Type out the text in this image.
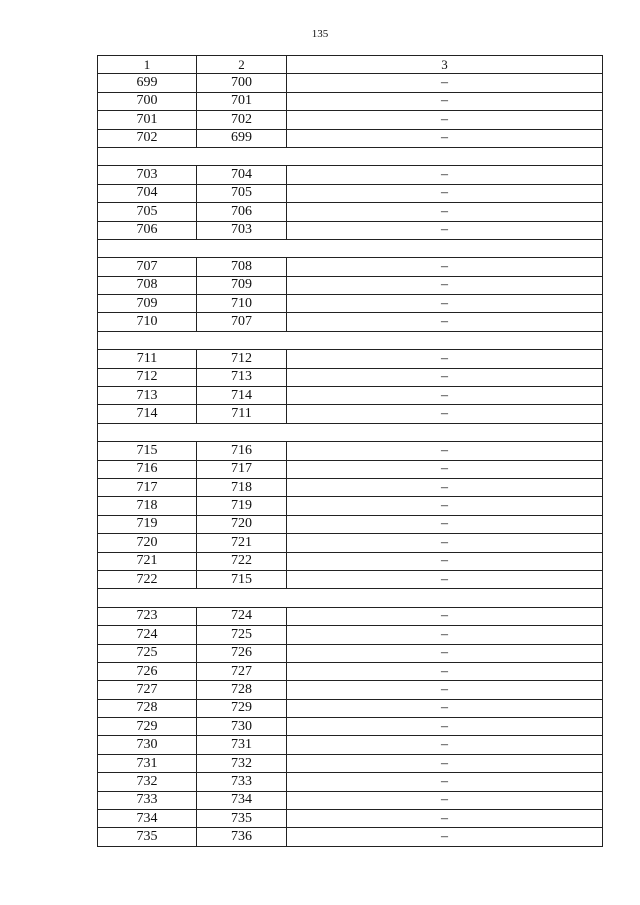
135
1	2	3
699	700	–
700	701	–
701	702	–
702	699	–

703	704	–
704	705	–
705	706	–
706	703	–

707	708	–
708	709	–
709	710	–
710	707	–

711	712	–
712	713	–
713	714	–
714	711	–

715	716	–
716	717	–
717	718	–
718	719	–
719	720	–
720	721	–
721	722	–
722	715	–

723	724	–
724	725	–
725	726	–
726	727	–
727	728	–
728	729	–
729	730	–
730	731	–
731	732	–
732	733	–
733	734	–
734	735	–
735	736	–
